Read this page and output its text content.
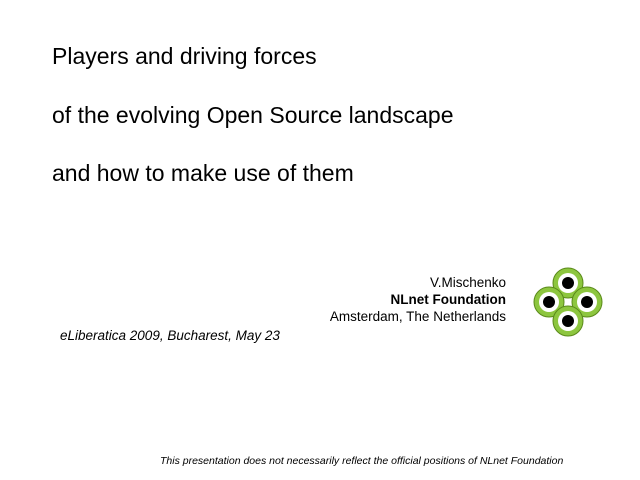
Players and driving forces
of the evolving Open Source landscape
and how to make use of them
V.Mischenko
NLnet Foundation
Amsterdam, The Netherlands
eLiberatica 2009, Bucharest, May 23
This presentation does not necessarily reflect the official positions of NLnet Foundation
